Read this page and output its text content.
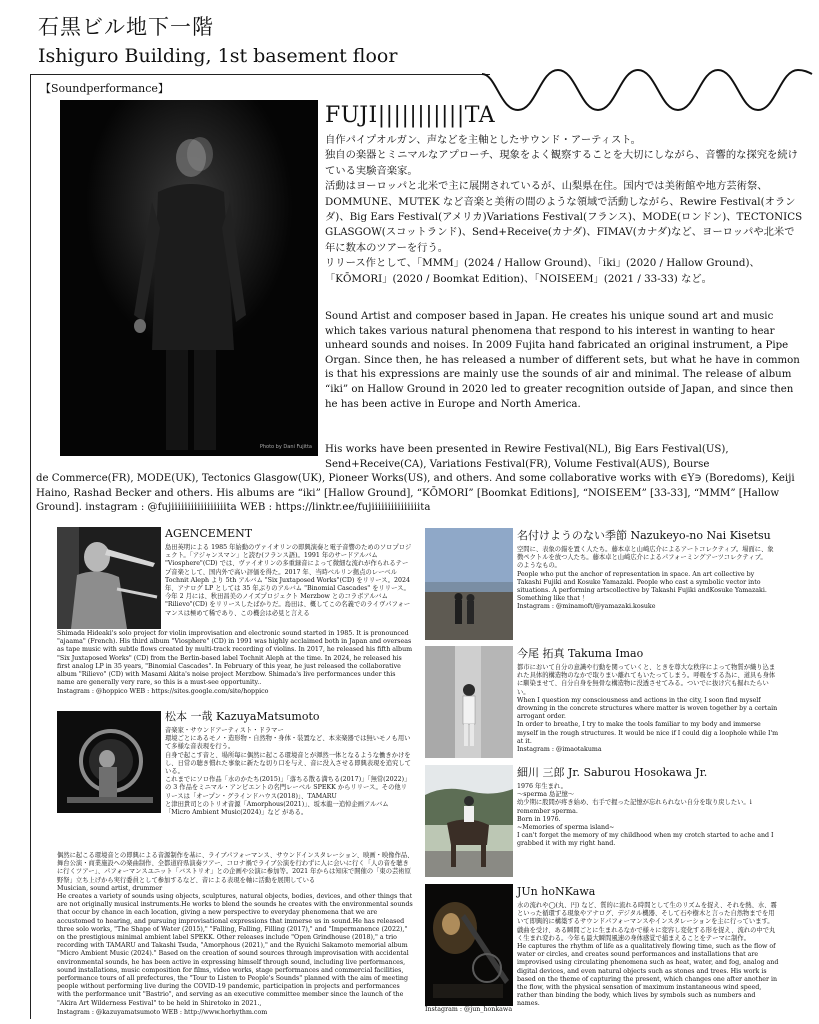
石黒ビル地下一階
Ishiguro Building, 1st basement floor
【Soundperformance】
Photo by Dani Fujitta
FUJI|||||||||||TA
自作パイプオルガン、声などを主軸としたサウンド・アーティスト。
独自の楽器とミニマルなアプローチ、現象をよく観察することを大切にしながら、音響的な探究を続けている実験音楽家。
活動はヨーロッパと北米で主に展開されているが、山梨県在住。国内では美術館や地方芸術祭、DOMMUNE、MUTEK など音楽と美術の間のような領域で活動しながら、Rewire Festival(オランダ)、Big Ears Festival(アメリカ)Variations Festival(フランス)、MODE(ロンドン)、TECTONICS GLASGOW(スコットランド)、Send+Receive(カナダ)、FIMAV(カナダ)など、ヨーロッパや北米で年に数本のツアーを行う。
リリース作として、「MMM」(2024 / Hallow Ground)、「iki」(2020 / Hallow Ground)、「KŌMORI」(2020 / Boomkat Edition)、「NOISEEM」(2021 / 33-33) など。
Sound Artist and composer based in Japan. He creates his unique sound art and music which takes various natural phenomena that respond to his interest in wanting to hear unheard sounds and noises. In 2009 Fujita hand fabricated an original instrument, a Pipe Organ. Since then, he has released a number of different sets, but what he have in common is that his expressions are mainly use the sounds of air and minimal. The release of album “iki” on Hallow Ground in 2020 led to greater recognition outside of Japan, and since then he has been active in Europe and North America.
His works have been presented in Rewire Festival(NL), Big Ears Festival(US), Send+Receive(CA), Variations Festival(FR), Volume Festival(AUS), Bourse
de Commerce(FR), MODE(UK), Tectonics Glasgow(UK), Pioneer Works(US), and others. And some collaborative works with ∈Y∋ (Boredoms), Keiji Haino, Rashad Becker and others. His albums are “iki” [Hallow Ground], “KŌMORI” [Boomkat Editions], “NOISEEM” [33-33], “MMM” [Hallow Ground]. instagram : @fujiiiiiiiiiiiiiiiiita WEB : https://linktr.ee/fujiiiiiiiiiiiiiiita
AGENCEMENT

島田英明による 1985 年始動のヴァイオリンの即興演奏と電子音響のためのソロプロジェクト。「アジャンスマン」と読む(フランス語)。1991 年のサードアルバム "Viosphere"(CD) では、ヴァイオリンの多重録音によって微細な流れが作られるテープ音楽として、国内外で高い評価を得た。2017 年、当時ベルリン拠点のレーベル Tochnit Aleph より 5th アルバム "Six Juxtaposed Works"(CD) をリリース。2024 年、アナログ LP としては 35 年ぶりのアルバム "Binomial Cascades" をリリース。今年 2 月には、秋田昌美のノイズプロジェクト Merzbow とのコラボアルバム "Rilievo"(CD) をリリースしたばかりだ。島田は、概してこの名義でのライヴパフォーマンスは極めて稀であり、この機会は必見と言える

Shimada Hideaki's solo project for violin improvisation and electronic sound started in 1985. It is pronounced "ajaama" (French). His third album "Viosphere" (CD) in 1991 was highly acclaimed both in Japan and overseas as tape music with subtle flows created by multi-track recording of violins. In 2017, he released his fifth album "Six Juxtaposed Works" (CD) from the Berlin-based label Tochnit Aleph at the time. In 2024, he released his first analog LP in 35 years, "Binomial Cascades". In February of this year, he just released the collaborative album "Rilievo" (CD) with Masami Akita's noise project Merzbow. Shimada's live performances under this name are generally very rare, so this is a must-see opportunity..

Instagram : @hoppico WEB : https://sites.google.com/site/hoppico

松本 一哉 KazuyaMatsumoto

音楽家・サウンドアーティスト・ドラマー

環境ごとにあるモノ・造形物・自然物・身体・装置など、本来楽器では無いモノも用いて多様な音表現を行う。

自身で起こす音と、場所毎に偶然に起こる環境音とが渾然一体となるような働きかけをし、日常の聴き慣れた事象に新たな切り口を与え、音に没入させる即興表現を追究している。

これまでにソロ作品「水のかたち(2015)」「落ちる散る満ちる(2017)」「無常(2022)」の 3 作品をミニマル・アンビエントの名門レーベル SPEKK からリリース。その他リリースは「オープン・グラインドハウス(2018)」、TAMARU

と津田貴司とのトリオ音源「Amorphous(2021)」、坂本龍一追悼企画アルバム「Micro Ambient Music(2024)」など がある。

偶然に起こる環境音との即興による音源制作を基に、ライブパフォーマンス、サウンドインスタレーション、映画・映像作品、舞台公演・商業施設への楽曲制作、全都道府県演奏ツアー、コロナ禍でライブ公演を行わずに人に会いに行く「人の音を聴きに行くツアー」、パフォーマンスユニット「バストリオ」との企画や公演に参加等。2021 年からは知床で開催の「東の芸術原野祭」立ち上げから実行委員として参加するなど、音による表現を軸に活動を展開している

Musician, sound artist, drummer

He creates a variety of sounds using objects, sculptures, natural objects, bodies, devices, and other things that are not originally musical instruments.He works to blend the sounds he creates with the environmental sounds that occur by chance in each location, giving a new perspective to everyday phenomena that we are accustomed to hearing, and pursuing improvisational expressions that immerse us in sound.He has released three solo works, "The Shape of Water (2015)," "Falling, Falling, Filling (2017)," and "Impermanence (2022)," on the prestigious minimal ambient label SPEKK. Other releases include "Open Grindhouse (2018)," a trio recording with TAMARU and Takashi Tsuda, "Amorphous (2021)," and the Ryuichi Sakamoto memorial album "Micro Ambient Music (2024)." Based on the creation of sound sources through improvisation with accidental environmental sounds, he has been active in expressing himself through sound, including live performances, sound installations, music composition for films, video works, stage performances and commercial facilities, performance tours of all prefectures, the "Tour to Listen to People's Sounds" planned with the aim of meeting people without performing live during the COVID-19 pandemic, participation in projects and performances with the performance unit "Bastrio", and serving as an executive committee member since the launch of the "Akira Art Wilderness Festival" to be held in Shiretoko in 2021.,

Instagram : @kazuyamatsumoto WEB : http://www.horhythm.com

名付けようのない季節 Nazukeyo-no Nai Kisetsu

空間に、表象の錨を置く人たち。藤本卓と山崎広介によるアートコレクティブ。場面に、象徴ペクトルを放つ人たち。藤本卓と山崎広介によるパフォーミングアーツコレクティブ。

のようなもの。

People who put the anchor of representation in space. An art collective by Takashi Fujiki and Kosuke Yamazaki. People who cast a symbolic vector into situations. A performing artscollective by Takashi Fujiki andKosuke Yamazaki.

Something like that ！

Instagram : @minamoft/@yamazaki.kosuke

今尾 拓真 Takuma Imao

都市において自分の意識や行動を関っていくと、ときを尊大な秩序によって物質が織り込まれた具体的構造物のなかで取りまい離れてもいたってしまう。呼吸をする為に、道具も身体に馴染ませて、自分自身を無骨な構造物に没透させてみる。ついでに抜け穴も掘れたらいい。

When I question my consciousness and actions in the city, I soon find myself drowning in the concrete structures where matter is woven together by a certain arrogant order.

In order to breathe, I try to make the tools familiar to my body and immerse myself in the rough structures. It would be nice if I could dig a loophole while I'm at it.

Instagram : @imaotakuma

細川 三郎 Jr. Saburou Hosokawa Jr.

1976 年生まれ。

〜sperma 島記憶〜

幼少期に股間が疼き始め、右手で握った記憶が忘れられない自分を取り戻したい。i remember sperma.

Born in 1976.

~Memories of sperma island~

I can't forget the memory of my childhood when my crotch started to ache and I grabbed it with my right hand.

JUn hoNKawa

水の流れや◯(丸、円) など、質的に流れる時間として生のリズムを捉え、それを熱、水、霧といった循環する現象やアナログ、デジタル機器、そして石や樹木と言った自然物までを用いて即興的に構築するサウンドパフォーマンスやインスタレーションを主に行っています。 戯曲を受け、ある瞬間ごとに生まれるなかで様々に変容し変化する形を捉え、流れの中で丸く生まれ変わる。今年も最大瞬間風速の身体感覚で捕まえることをテーマに制作。

He captures the rhythm of life as a qualitatively flowing time, such as the flow of water or circles, and creates sound performances and installations that are improvised using circulating phenomena such as heat, water, and fog, analog and digital devices, and even natural objects such as stones and trees. His work is based on the theme of capturing the present, which changes one after another in the flow, with the physical sensation of maximum instantaneous wind speed, rather than binding the body, which lives by symbols such as numbers and names.

Instagram : @jun_honkawa
